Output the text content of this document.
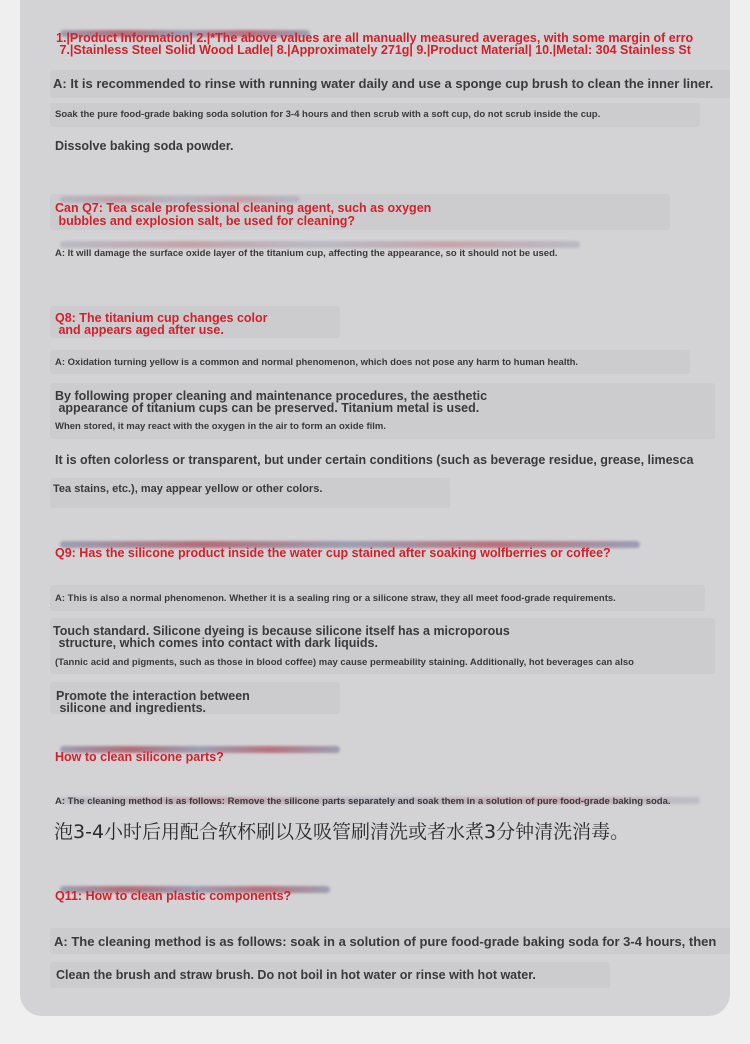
1.|Product Information| 2.|*The above values are all manually measured averages, with some margin of erro
7.|Stainless Steel Solid Wood Ladle| 8.|Approximately 271g| 9.|Product Material| 10.|Metal: 304 Stainless St
A: It is recommended to rinse with running water daily and use a sponge cup brush to clean the inner liner.
Soak the pure food-grade baking soda solution for 3-4 hours and then scrub with a soft cup, do not scrub inside the cup.
Dissolve baking soda powder.
Can Q7: Tea scale professional cleaning agent, such as oxygen
bubbles and explosion salt, be used for cleaning?
A: It will damage the surface oxide layer of the titanium cup, affecting the appearance, so it should not be used.
Q8: The titanium cup changes color
and appears aged after use.
A: Oxidation turning yellow is a common and normal phenomenon, which does not pose any harm to human health.
By following proper cleaning and maintenance procedures, the aesthetic
appearance of titanium cups can be preserved. Titanium metal is used.
When stored, it may react with the oxygen in the air to form an oxide film.
It is often colorless or transparent, but under certain conditions (such as beverage residue, grease, limesca
Tea stains, etc.), may appear yellow or other colors.
Q9: Has the silicone product inside the water cup stained after soaking wolfberries or coffee?
A: This is also a normal phenomenon. Whether it is a sealing ring or a silicone straw, they all meet food-grade requirements.
Touch standard. Silicone dyeing is because silicone itself has a microporous
structure, which comes into contact with dark liquids.
(Tannic acid and pigments, such as those in blood coffee) may cause permeability staining. Additionally, hot beverages can also
Promote the interaction between
silicone and ingredients.
How to clean silicone parts?
A: The cleaning method is as follows: Remove the silicone parts separately and soak them in a solution of pure food-grade baking soda.
泡3-4小时后用配合软杯刷以及吸管刷清洗或者水煮3分钟清洗消毒。
Q11: How to clean plastic components?
A: The cleaning method is as follows: soak in a solution of pure food-grade baking soda for 3-4 hours, then
Clean the brush and straw brush. Do not boil in hot water or rinse with hot water.
